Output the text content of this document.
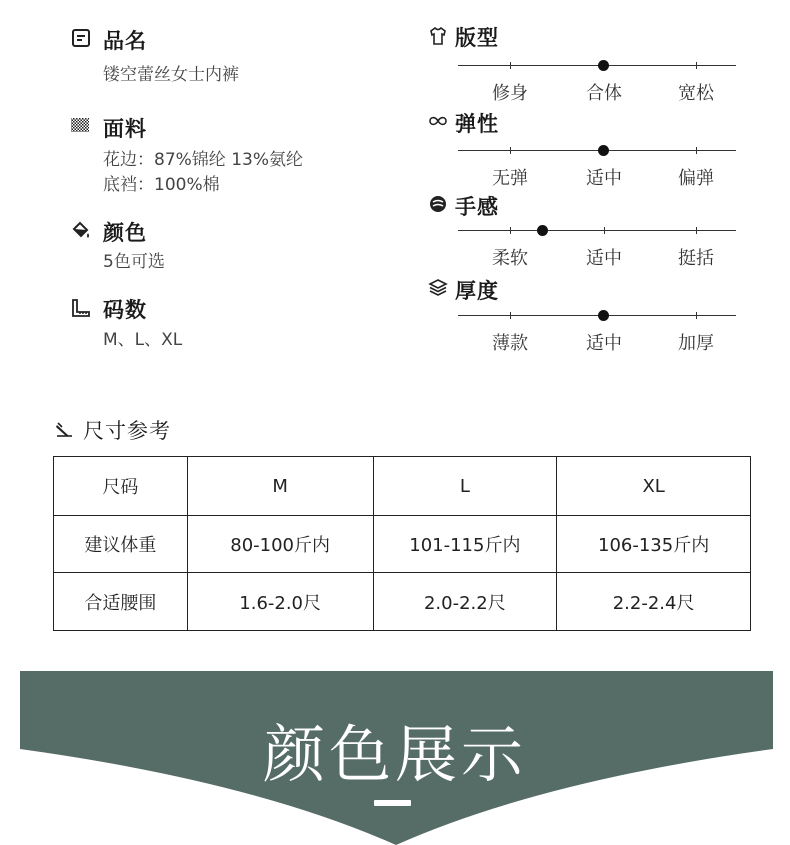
品名
镂空蕾丝女士内裤
面料
花边：87%锦纶 13%氨纶
底裆：100%棉
颜色
5色可选
码数
M、L、XL
版型
修身	合体	宽松
弹性
无弹	适中	偏弹
手感
柔软	适中	挺括
厚度
薄款	适中	加厚
尺寸参考
尺码	M	L	XL
建议体重	80-100斤内	101-115斤内	106-135斤内
合适腰围	1.6-2.0尺	2.0-2.2尺	2.2-2.4尺
颜色展示
